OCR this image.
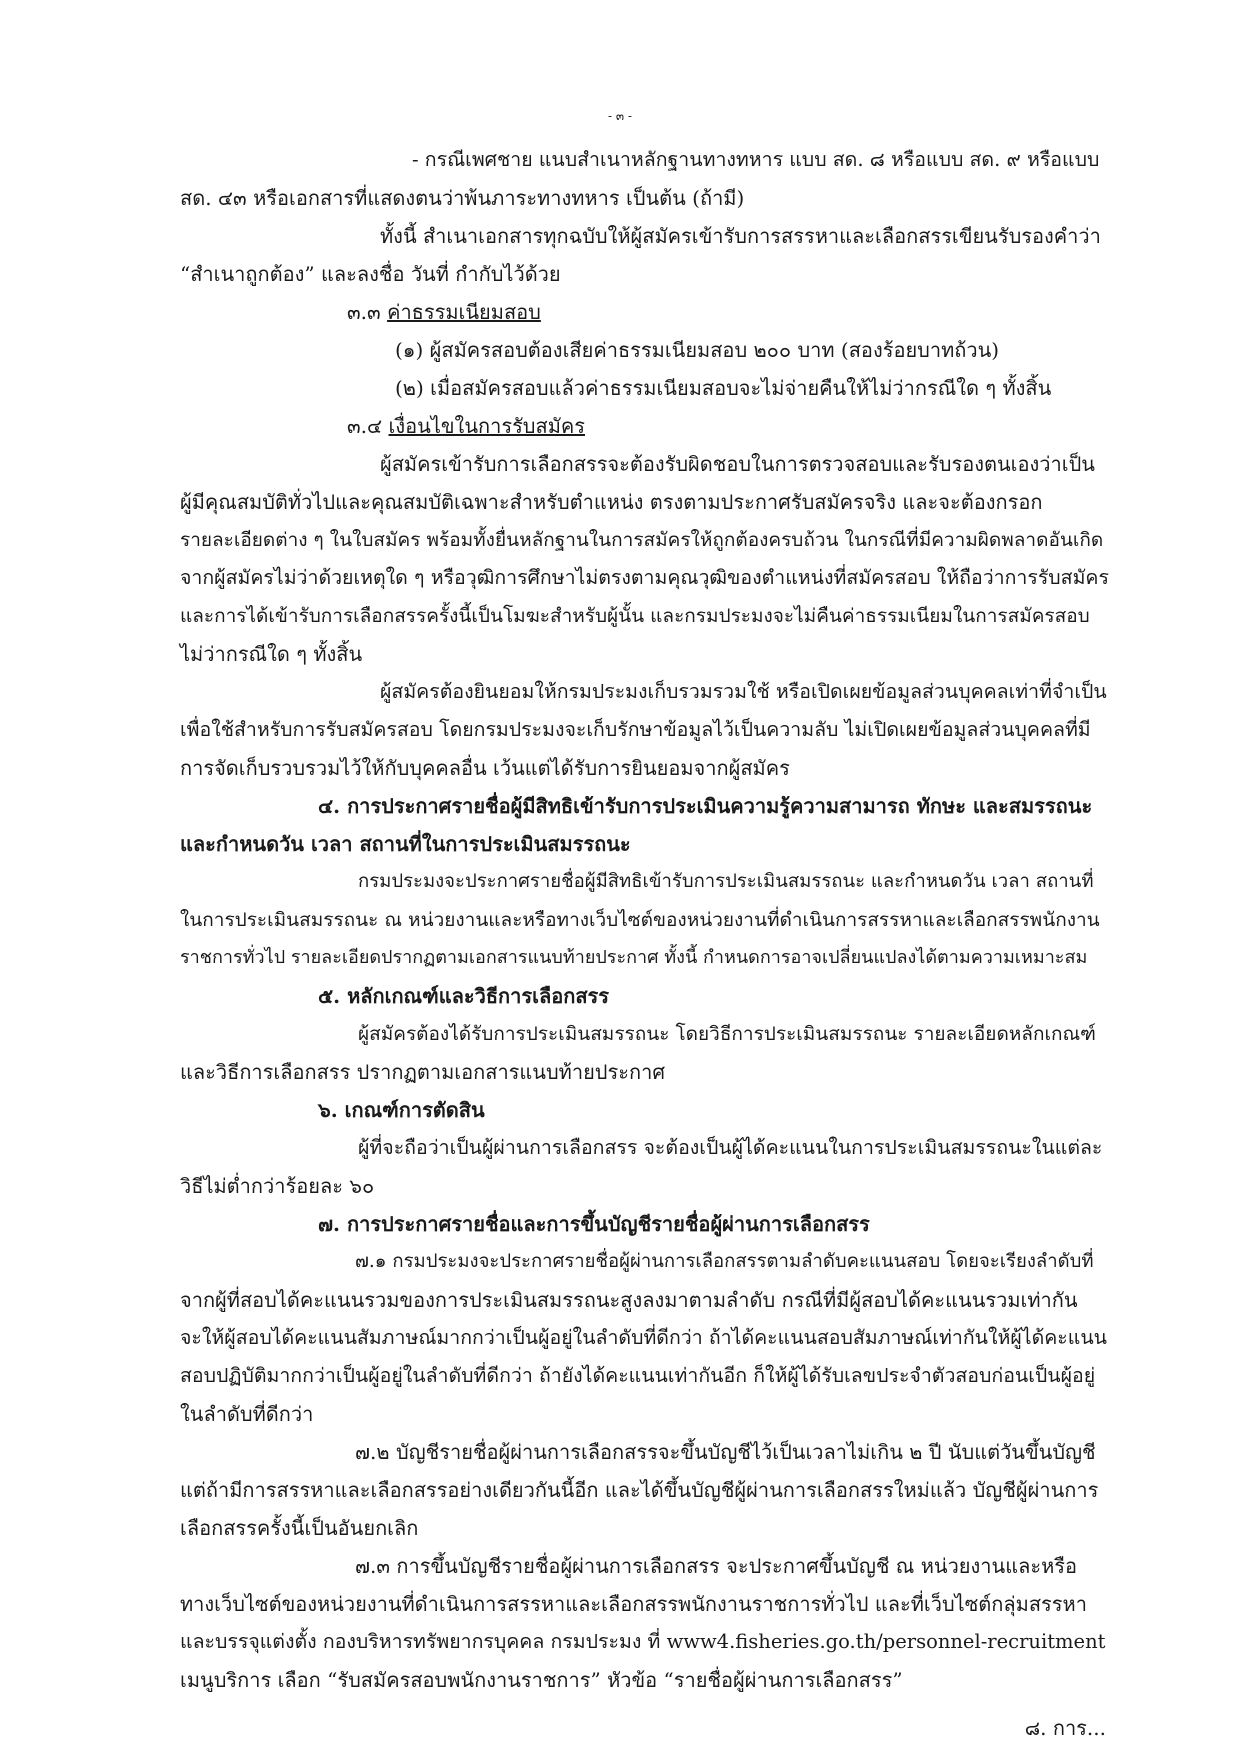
- ๓ -
- กรณีเพศชาย แนบสำเนาหลักฐานทางทหาร แบบ สด. ๘ หรือแบบ สด. ๙ หรือแบบ
สด. ๔๓ หรือเอกสารที่แสดงตนว่าพ้นภาระทางทหาร เป็นต้น (ถ้ามี)
ทั้งนี้ สำเนาเอกสารทุกฉบับให้ผู้สมัครเข้ารับการสรรหาและเลือกสรรเขียนรับรองคำว่า
“สำเนาถูกต้อง” และลงชื่อ วันที่ กำกับไว้ด้วย
๓.๓ ค่าธรรมเนียมสอบ
(๑) ผู้สมัครสอบต้องเสียค่าธรรมเนียมสอบ ๒๐๐ บาท (สองร้อยบาทถ้วน)
(๒) เมื่อสมัครสอบแล้วค่าธรรมเนียมสอบจะไม่จ่ายคืนให้ไม่ว่ากรณีใด ๆ ทั้งสิ้น
๓.๔ เงื่อนไขในการรับสมัคร
ผู้สมัครเข้ารับการเลือกสรรจะต้องรับผิดชอบในการตรวจสอบและรับรองตนเองว่าเป็น
ผู้มีคุณสมบัติทั่วไปและคุณสมบัติเฉพาะสำหรับตำแหน่ง ตรงตามประกาศรับสมัครจริง และจะต้องกรอก
รายละเอียดต่าง ๆ ในใบสมัคร พร้อมทั้งยื่นหลักฐานในการสมัครให้ถูกต้องครบถ้วน ในกรณีที่มีความผิดพลาดอันเกิด
จากผู้สมัครไม่ว่าด้วยเหตุใด ๆ หรือวุฒิการศึกษาไม่ตรงตามคุณวุฒิของตำแหน่งที่สมัครสอบ ให้ถือว่าการรับสมัคร
และการได้เข้ารับการเลือกสรรครั้งนี้เป็นโมฆะสำหรับผู้นั้น และกรมประมงจะไม่คืนค่าธรรมเนียมในการสมัครสอบ
ไม่ว่ากรณีใด ๆ ทั้งสิ้น
ผู้สมัครต้องยินยอมให้กรมประมงเก็บรวมรวมใช้ หรือเปิดเผยข้อมูลส่วนบุคคลเท่าที่จำเป็น
เพื่อใช้สำหรับการรับสมัครสอบ โดยกรมประมงจะเก็บรักษาข้อมูลไว้เป็นความลับ ไม่เปิดเผยข้อมูลส่วนบุคคลที่มี
การจัดเก็บรวบรวมไว้ให้กับบุคคลอื่น เว้นแต่ได้รับการยินยอมจากผู้สมัคร
๔. การประกาศรายชื่อผู้มีสิทธิเข้ารับการประเมินความรู้ความสามารถ ทักษะ และสมรรถนะ
และกำหนดวัน เวลา สถานที่ในการประเมินสมรรถนะ
กรมประมงจะประกาศรายชื่อผู้มีสิทธิเข้ารับการประเมินสมรรถนะ และกำหนดวัน เวลา สถานที่
ในการประเมินสมรรถนะ ณ หน่วยงานและหรือทางเว็บไซต์ของหน่วยงานที่ดำเนินการสรรหาและเลือกสรรพนักงาน
ราชการทั่วไป รายละเอียดปรากฏตามเอกสารแนบท้ายประกาศ ทั้งนี้ กำหนดการอาจเปลี่ยนแปลงได้ตามความเหมาะสม
๕. หลักเกณฑ์และวิธีการเลือกสรร
ผู้สมัครต้องได้รับการประเมินสมรรถนะ โดยวิธีการประเมินสมรรถนะ รายละเอียดหลักเกณฑ์
และวิธีการเลือกสรร ปรากฏตามเอกสารแนบท้ายประกาศ
๖. เกณฑ์การตัดสิน
ผู้ที่จะถือว่าเป็นผู้ผ่านการเลือกสรร จะต้องเป็นผู้ได้คะแนนในการประเมินสมรรถนะในแต่ละ
วิธีไม่ต่ำกว่าร้อยละ ๖๐
๗. การประกาศรายชื่อและการขึ้นบัญชีรายชื่อผู้ผ่านการเลือกสรร
๗.๑ กรมประมงจะประกาศรายชื่อผู้ผ่านการเลือกสรรตามลำดับคะแนนสอบ โดยจะเรียงลำดับที่
จากผู้ที่สอบได้คะแนนรวมของการประเมินสมรรถนะสูงลงมาตามลำดับ กรณีที่มีผู้สอบได้คะแนนรวมเท่ากัน
จะให้ผู้สอบได้คะแนนสัมภาษณ์มากกว่าเป็นผู้อยู่ในลำดับที่ดีกว่า ถ้าได้คะแนนสอบสัมภาษณ์เท่ากันให้ผู้ได้คะแนน
สอบปฏิบัติมากกว่าเป็นผู้อยู่ในลำดับที่ดีกว่า ถ้ายังได้คะแนนเท่ากันอีก ก็ให้ผู้ได้รับเลขประจำตัวสอบก่อนเป็นผู้อยู่
ในลำดับที่ดีกว่า
๗.๒ บัญชีรายชื่อผู้ผ่านการเลือกสรรจะขึ้นบัญชีไว้เป็นเวลาไม่เกิน ๒ ปี นับแต่วันขึ้นบัญชี
แต่ถ้ามีการสรรหาและเลือกสรรอย่างเดียวกันนี้อีก และได้ขึ้นบัญชีผู้ผ่านการเลือกสรรใหม่แล้ว บัญชีผู้ผ่านการ
เลือกสรรครั้งนี้เป็นอันยกเลิก
๗.๓ การขึ้นบัญชีรายชื่อผู้ผ่านการเลือกสรร จะประกาศขึ้นบัญชี ณ หน่วยงานและหรือ
ทางเว็บไซต์ของหน่วยงานที่ดำเนินการสรรหาและเลือกสรรพนักงานราชการทั่วไป และที่เว็บไซต์กลุ่มสรรหา
และบรรจุแต่งตั้ง กองบริหารทรัพยากรบุคคล กรมประมง ที่ www4.fisheries.go.th/personnel-recruitment
เมนูบริการ เลือก “รับสมัครสอบพนักงานราชการ” หัวข้อ “รายชื่อผู้ผ่านการเลือกสรร”
๘. การ...
